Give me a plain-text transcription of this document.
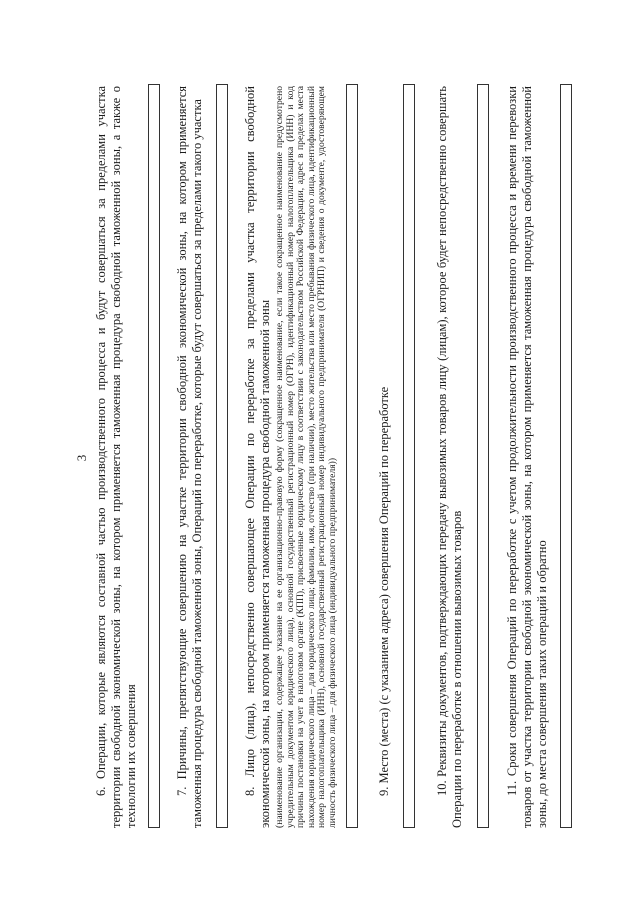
3 6. Операции, которые являются составной частью производственного процесса и будут совершаться за пределами участка территории свободной экономической зоны, на котором применяется таможенная процедура свободной таможенной зоны, а также о технологии их совершения	7. Причины, препятствующие совершению на участке территории свободной экономической зоны, на котором применяется таможенная процедура свободной таможенной зоны, Операций по переработке, которые будут совершаться за пределами такого участка	8. Лицо (лица), непосредственно совершающее Операции по переработке за пределами участка территории свободной экономической зоны, на котором применяется таможенная процедура свободной таможенной зоны (наименование организации, содержащее указание на ее организационно-правовую форму (сокращенное наименование, если такое сокращенное наименование предусмотрено учредительным документом юридического лица), основной государственный регистрационный номер (ОГРН), идентификационный номер налогоплательщика (ИНН) и код причины постановки на учет в налоговом органе (КПП), присвоенные юридическому лицу в соответствии с законодательством Российской Федерации, адрес в пределах места нахождения юридического лица – для юридического лица; фамилия, имя, отчество (при наличии), место жительства или место пребывания физического лица, идентификационный номер налогоплательщика (ИНН), основной государственный регистрационный номер индивидуального предпринимателя (ОГРНИП) и сведения о документе, удостоверяющем личность физического лица – для физического лица (индивидуального предпринимателя))	9. Место (места) (с указанием адреса) совершения Операций по переработке	10. Реквизиты документов, подтверждающих передачу вывозимых товаров лицу (лицам), которое будет непосредственно совершать Операции по переработке в отношении вывозимых товаров	11. Сроки совершения Операций по переработке с учетом продолжительности производственного процесса и времени перевозки товаров от участка территории свободной экономической зоны, на котором применяется таможенная процедура свободной таможенной зоны, до места совершения таких операций и обратно
